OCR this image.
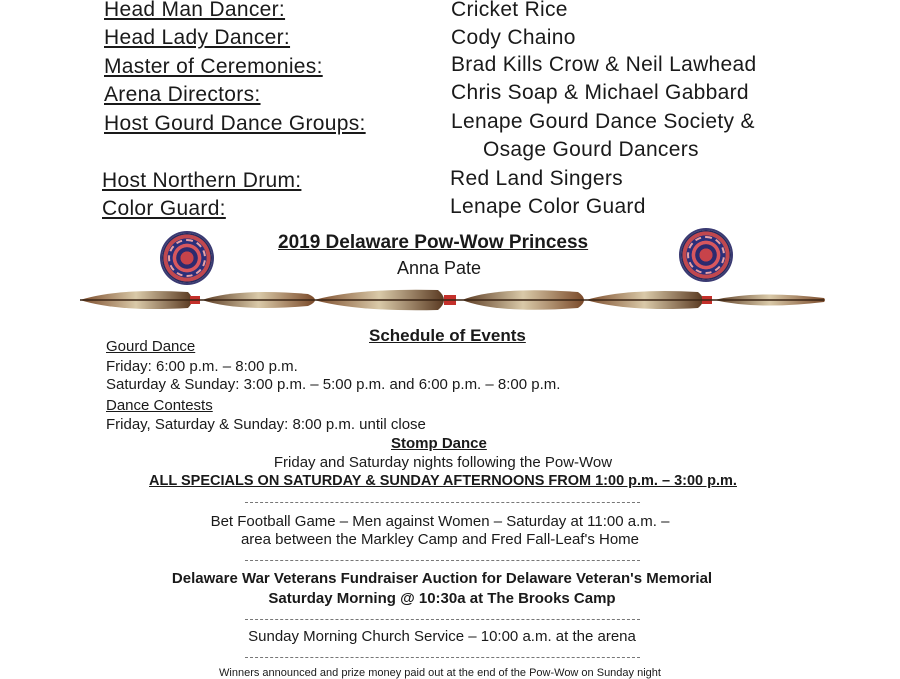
Head Man Dancer:	Cricket Rice
Head Lady Dancer:	Cody Chaino
Master of Ceremonies:	Brad Kills Crow & Neil Lawhead
Arena Directors:	Chris Soap & Michael Gabbard
Host Gourd Dance Groups:	Lenape Gourd Dance Society &
Osage Gourd Dancers
Host Northern Drum:	Red Land Singers
Color Guard:	Lenape Color Guard
2019 Delaware Pow-Wow Princess
Anna Pate
Schedule of Events
Gourd Dance
Friday: 6:00 p.m. – 8:00 p.m.
Saturday & Sunday: 3:00 p.m. – 5:00 p.m. and 6:00 p.m. – 8:00 p.m.
Dance Contests
Friday, Saturday & Sunday: 8:00 p.m. until close
Stomp Dance
Friday and Saturday nights following the Pow-Wow
ALL SPECIALS ON SATURDAY & SUNDAY AFTERNOONS FROM 1:00 p.m. – 3:00 p.m.
Bet Football Game – Men against Women – Saturday at 11:00 a.m. –
area between the Markley Camp and Fred Fall-Leaf's Home
Delaware War Veterans Fundraiser Auction for Delaware Veteran's Memorial
Saturday Morning @ 10:30a at The Brooks Camp
Sunday Morning Church Service – 10:00 a.m. at the arena
Winners announced and prize money paid out at the end of the Pow-Wow on Sunday night
